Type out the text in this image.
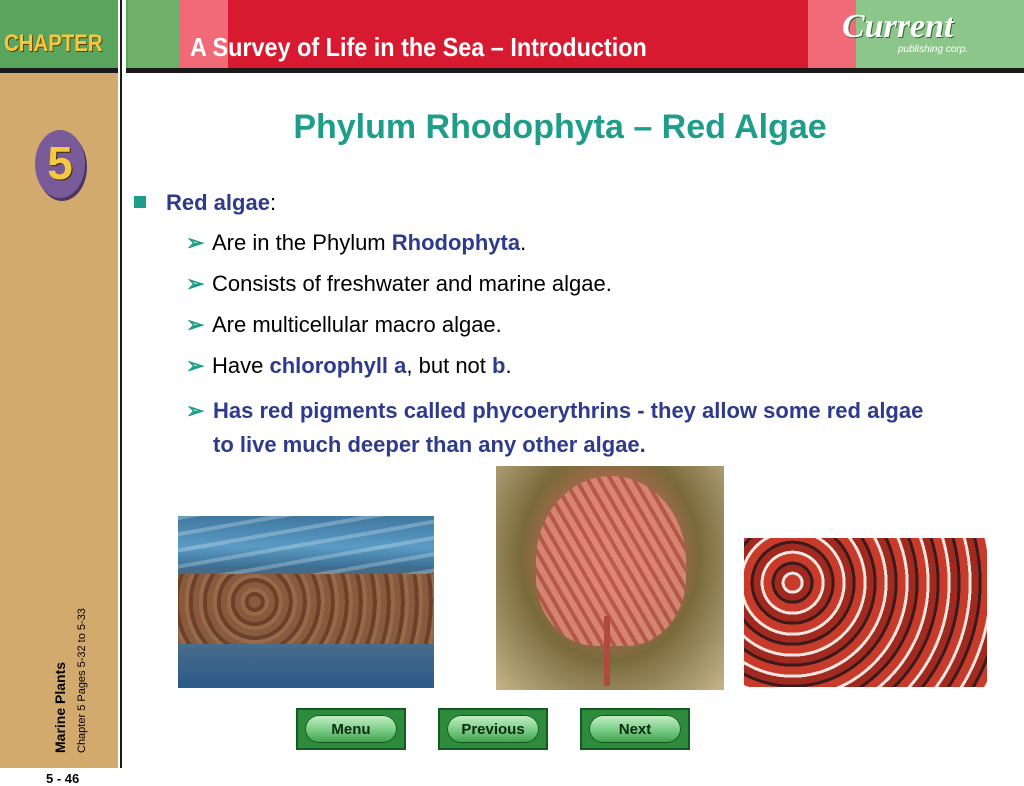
CHAPTER	A Survey of Life in the Sea – Introduction
Current
publishing corp.
5
Marine Plants Chapter 5 Pages 5-32 to 5-33
5 - 46
Phylum Rhodophyta – Red Algae
Red algae:
➢ Are in the Phylum Rhodophyta.
➢ Consists of freshwater and marine algae.
➢ Are multicellular macro algae.
➢ Have chlorophyll a, but not b.
➢ Has red pigments called phycoerythrins - they allow some red algae to live much deeper than any other algae.
Menu	Previous	Next
